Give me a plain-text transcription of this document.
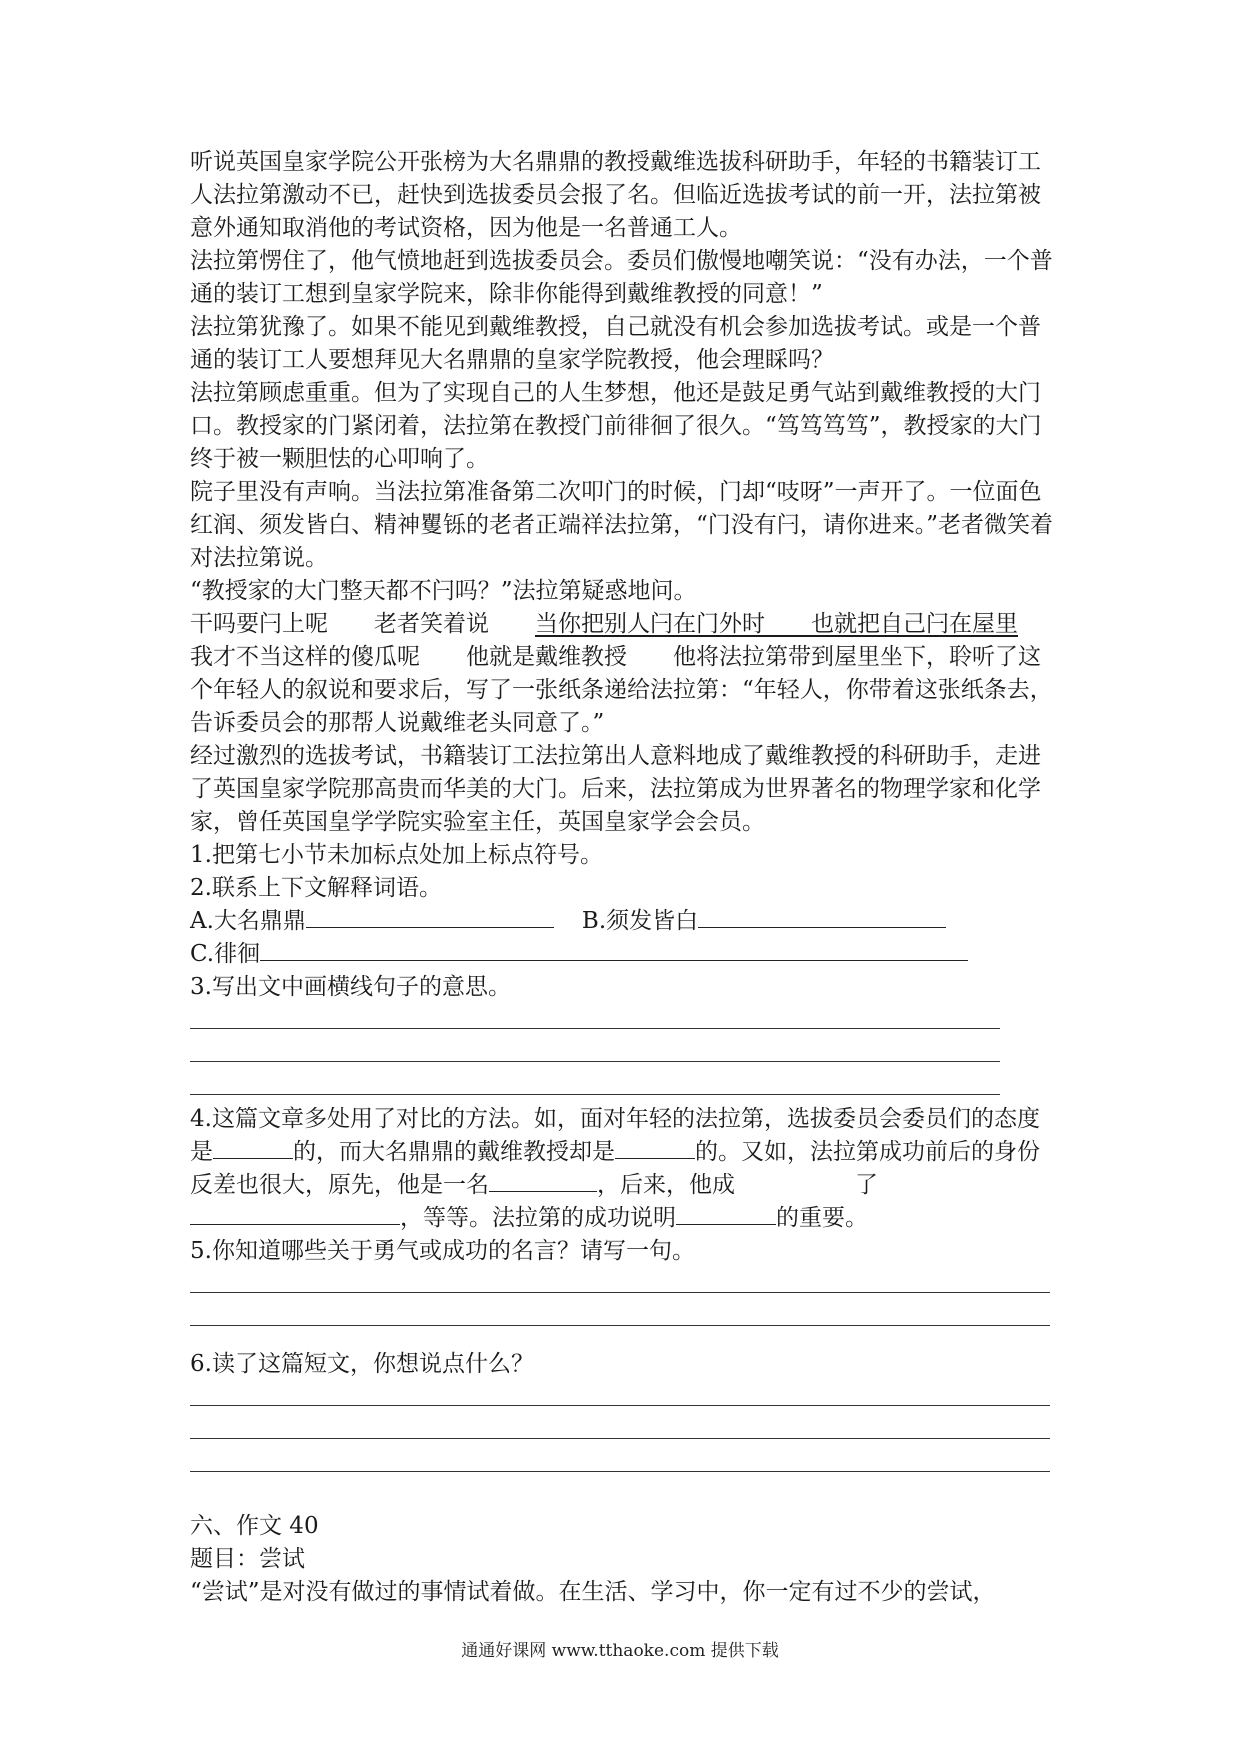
听说英国皇家学院公开张榜为大名鼎鼎的教授戴维选拔科研助手，年轻的书籍装订工人法拉第激动不已，赶快到选拔委员会报了名。但临近选拔考试的前一开，法拉第被意外通知取消他的考试资格，因为他是一名普通工人。

法拉第愣住了，他气愤地赶到选拔委员会。委员们傲慢地嘲笑说：“没有办法，一个普通的装订工想到皇家学院来，除非你能得到戴维教授的同意！”

法拉第犹豫了。如果不能见到戴维教授，自己就没有机会参加选拔考试。或是一个普通的装订工人要想拜见大名鼎鼎的皇家学院教授，他会理睬吗？

法拉第顾虑重重。但为了实现自己的人生梦想，他还是鼓足勇气站到戴维教授的大门口。教授家的门紧闭着，法拉第在教授门前徘徊了很久。“笃笃笃笃”，教授家的大门终于被一颗胆怯的心叩响了。

院子里没有声响。当法拉第准备第二次叩门的时候，门却“吱呀”一声开了。一位面色红润、须发皆白、精神矍铄的老者正端祥法拉第，“门没有闩，请你进来。”老者微笑着对法拉第说。

“教授家的大门整天都不闩吗？”法拉第疑惑地问。

干吗要闩上呢　　老者笑着说　　当你把别人闩在门外时　　也就把自己闩在屋里　我才不当这样的傻瓜呢　　他就是戴维教授　　他将法拉第带到屋里坐下，聆听了这个年轻人的叙说和要求后，写了一张纸条递给法拉第：“年轻人，你带着这张纸条去，告诉委员会的那帮人说戴维老头同意了。”

经过激烈的选拔考试，书籍装订工法拉第出人意料地成了戴维教授的科研助手，走进了英国皇家学院那高贵而华美的大门。后来，法拉第成为世界著名的物理学家和化学家，曾任英国皇学学院实验室主任，英国皇家学会会员。

1.把第七小节未加标点处加上标点符号。

2.联系上下文解释词语。

A.大名鼎鼎	B.须发皆白

C.徘徊

3.写出文中画横线句子的意思。

4.这篇文章多处用了对比的方法。如，面对年轻的法拉第，选拔委员会委员们的态度是	的，而大名鼎鼎的戴维教授却是	的。又如，法拉第成功前后的身份反差也很大，原先，他是一名	，后来，他成	了，等等。法拉第的成功说明	的重要。

5.你知道哪些关于勇气或成功的名言？请写一句。

6.读了这篇短文，你想说点什么？

六、作文 40

题目：尝试

“尝试”是对没有做过的事情试着做。在生活、学习中，你一定有过不少的尝试，

通通好课网 www.tthaoke.com 提供下载
